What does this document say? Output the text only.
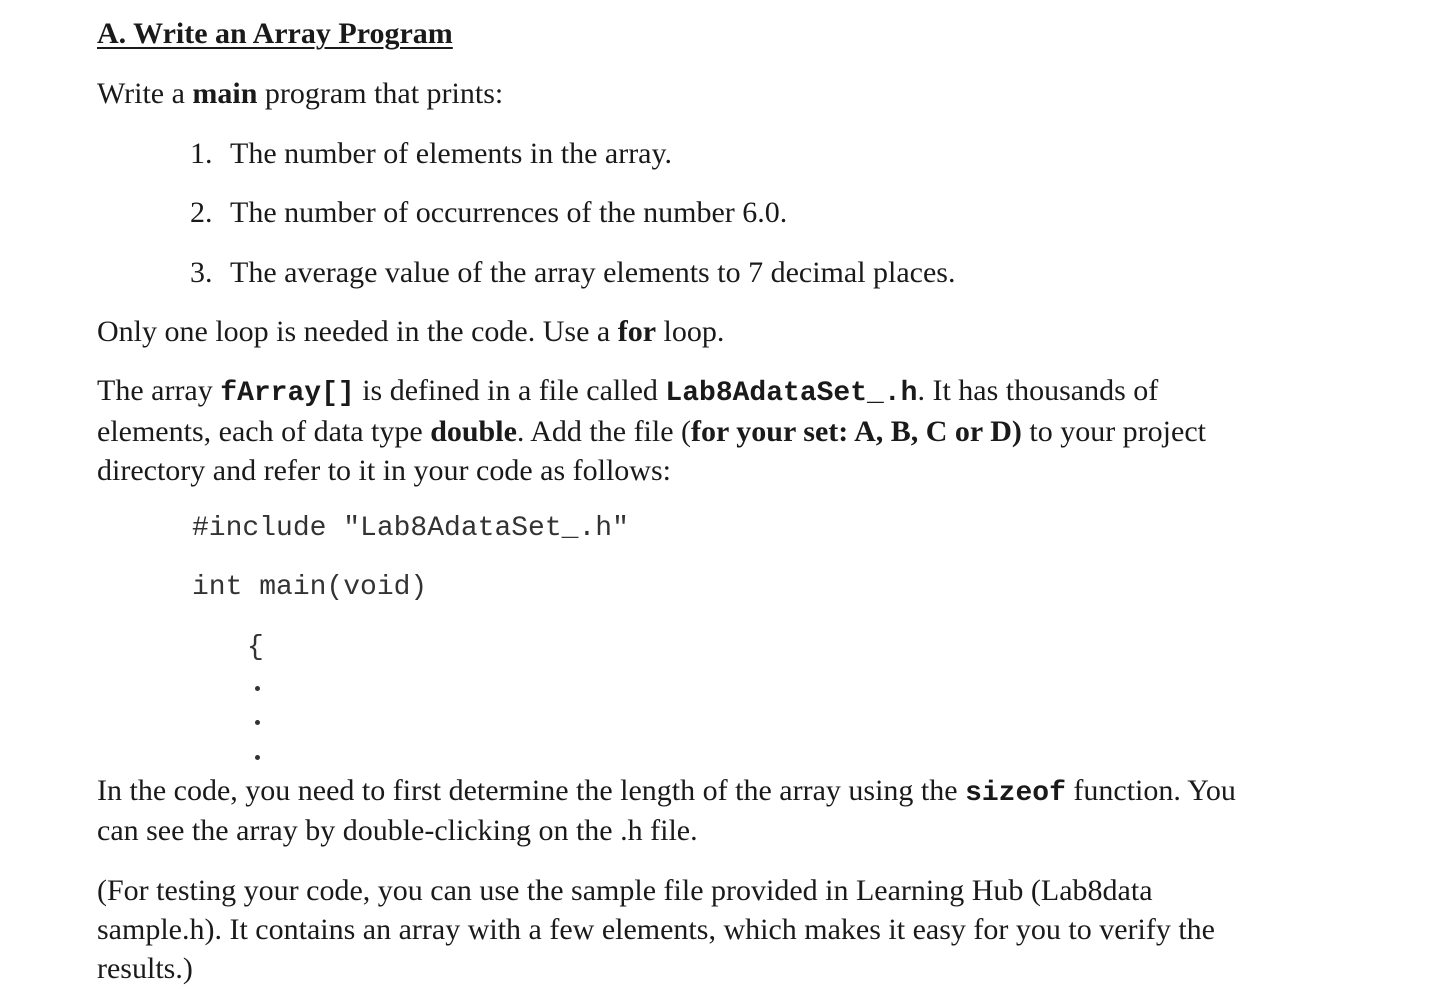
A. Write an Array Program
Write a main program that prints:
1. The number of elements in the array.
2. The number of occurrences of the number 6.0.
3. The average value of the array elements to 7 decimal places.
Only one loop is needed in the code. Use a for loop.
The array fArray[] is defined in a file called Lab8AdataSet_.h. It has thousands of
elements, each of data type double. Add the file (for your set: A, B, C or D) to your project
directory and refer to it in your code as follows:
#include "Lab8AdataSet_.h"
int main(void)
{
In the code, you need to first determine the length of the array using the sizeof function. You
can see the array by double-clicking on the .h file.
(For testing your code, you can use the sample file provided in Learning Hub (Lab8data
sample.h). It contains an array with a few elements, which makes it easy for you to verify the
results.)
